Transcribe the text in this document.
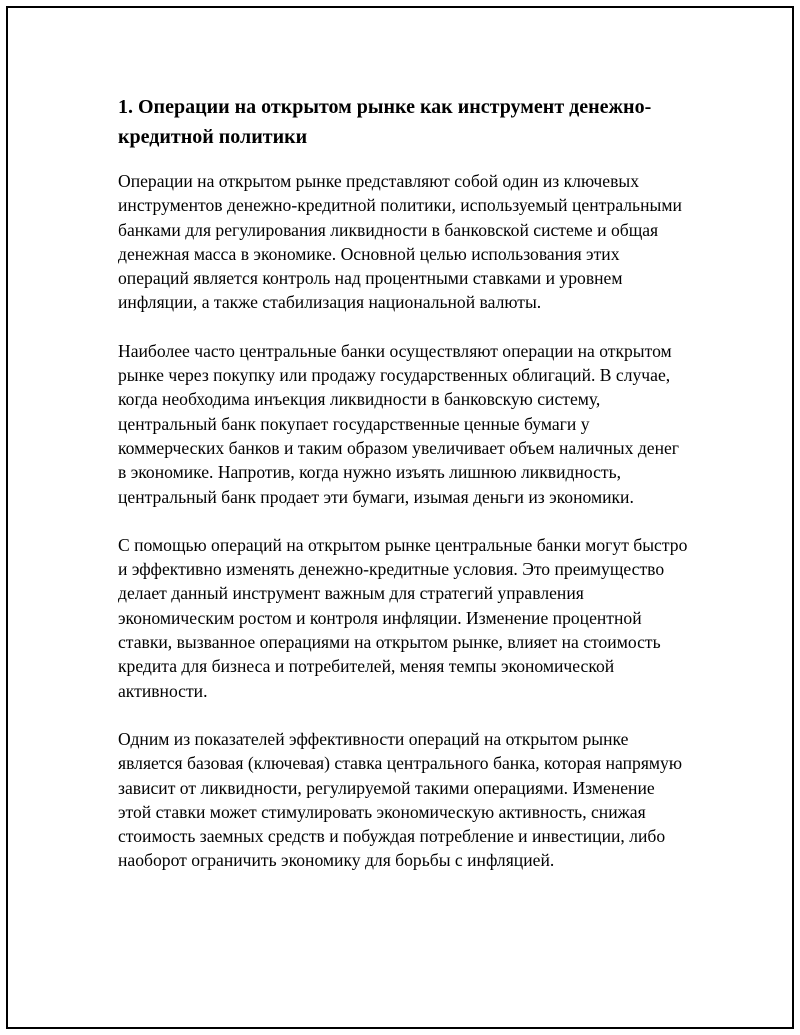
1. Операции на открытом рынке как инструмент денежно-кредитной политики

Операции на открытом рынке представляют собой один из ключевых инструментов денежно-кредитной политики, используемый центральными банками для регулирования ликвидности в банковской системе и общая денежная масса в экономике. Основной целью использования этих операций является контроль над процентными ставками и уровнем инфляции, а также стабилизация национальной валюты.

Наиболее часто центральные банки осуществляют операции на открытом рынке через покупку или продажу государственных облигаций. В случае, когда необходима инъекция ликвидности в банковскую систему, центральный банк покупает государственные ценные бумаги у коммерческих банков и таким образом увеличивает объем наличных денег в экономике. Напротив, когда нужно изъять лишнюю ликвидность, центральный банк продает эти бумаги, изымая деньги из экономики.

С помощью операций на открытом рынке центральные банки могут быстро и эффективно изменять денежно-кредитные условия. Это преимущество делает данный инструмент важным для стратегий управления экономическим ростом и контроля инфляции. Изменение процентной ставки, вызванное операциями на открытом рынке, влияет на стоимость кредита для бизнеса и потребителей, меняя темпы экономической активности.

Одним из показателей эффективности операций на открытом рынке является базовая (ключевая) ставка центрального банка, которая напрямую зависит от ликвидности, регулируемой такими операциями. Изменение этой ставки может стимулировать экономическую активность, снижая стоимость заемных средств и побуждая потребление и инвестиции, либо наоборот ограничить экономику для борьбы с инфляцией.
